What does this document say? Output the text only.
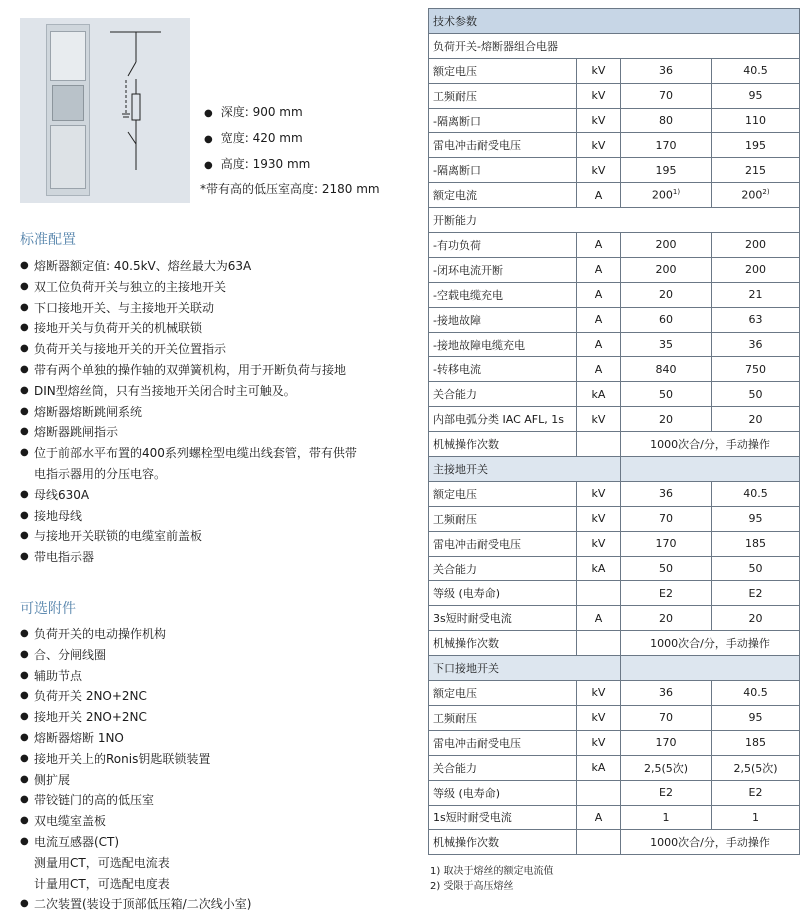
● 深度: 900 mm
● 宽度: 420 mm
● 高度: 1930 mm
*带有高的低压室高度: 2180 mm
标准配置
● 熔断器额定值: 40.5kV、熔丝最大为63A
● 双工位负荷开关与独立的主接地开关
● 下口接地开关、与主接地开关联动
● 接地开关与负荷开关的机械联锁
● 负荷开关与接地开关的开关位置指示
● 带有两个单独的操作轴的双弹簧机构，用于开断负荷与接地
● DIN型熔丝筒，只有当接地开关闭合时主可触及。
● 熔断器熔断跳闸系统
● 熔断器跳闸指示
● 位于前部水平布置的400系列螺栓型电缆出线套管，带有供带
电指示器用的分压电容。
● 母线630A
● 接地母线
● 与接地开关联锁的电缆室前盖板
● 带电指示器
可选附件
● 负荷开关的电动操作机构
● 合、分闸线圈
● 辅助节点
● 负荷开关 2NO+2NC
● 接地开关 2NO+2NC
● 熔断器熔断 1NO
● 接地开关上的Ronis钥匙联锁装置
● 侧扩展
● 带铰链门的高的低压室
● 双电缆室盖板
● 电流互感器(CT)
测量用CT，可选配电流表
计量用CT，可选配电度表
● 二次装置(装设于顶部低压箱/二次线小室)
技术参数			
负荷开关-熔断器组合电器			
额定电压	kV	36	40.5
工频耐压	kV	70	95
-隔离断口	kV	80	110
雷电冲击耐受电压	kV	170	195
-隔离断口	kV	195	215
额定电流	A	200$^{1)}$	200$^{2)}$
开断能力			
-有功负荷	A	200	200
-闭环电流开断	A	200	200
-空载电缆充电	A	20	21
-接地故障	A	60	63
-接地故障电缆充电	A	35	36
-转移电流	A	840	750
关合能力	kA	50	50
内部电弧分类 IAC AFL, 1s	kV	20	20
机械操作次数		1000次合/分，手动操作	
主接地开关			
额定电压	kV	36	40.5
工频耐压	kV	70	95
雷电冲击耐受电压	kV	170	185
关合能力	kA	50	50
等级 (电寿命)		E2	E2
3s短时耐受电流	A	20	20
机械操作次数		1000次合/分，手动操作	
下口接地开关			
额定电压	kV	36	40.5
工频耐压	kV	70	95
雷电冲击耐受电压	kV	170	185
关合能力	kA	2,5(5次)	2,5(5次)
等级 (电寿命)		E2	E2
1s短时耐受电流	A	1	1
机械操作次数		1000次合/分，手动操作	
1) 取决于熔丝的额定电流值
2) 受限于高压熔丝
